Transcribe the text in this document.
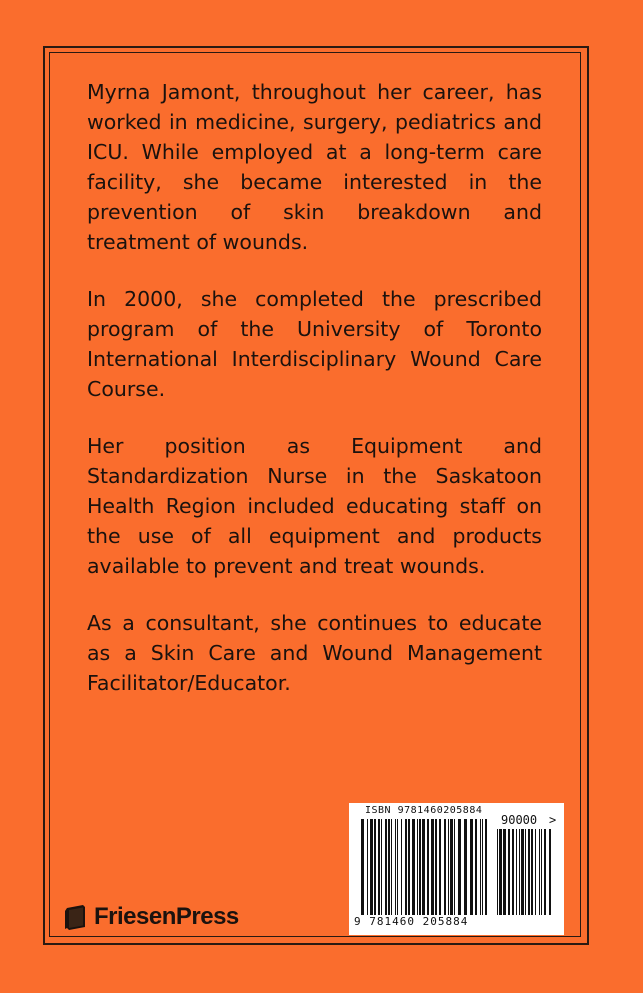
Myrna Jamont, throughout her career, has worked in medicine, surgery, pediatrics and ICU. While employed at a long-term care facility, she became interested in the prevention of skin breakdown and treatment of wounds.

In 2000, she completed the prescribed program of the University of Toronto International Interdisciplinary Wound Care Course.

Her position as Equipment and Standardization Nurse in the Saskatoon Health Region included educating staff on the use of all equipment and products available to prevent and treat wounds.

As a consultant, she continues to educate as a Skin Care and Wound Management Facilitator/Educator.

ISBN 9781460205884
90000 >
9 781460 205884
FriesenPress
